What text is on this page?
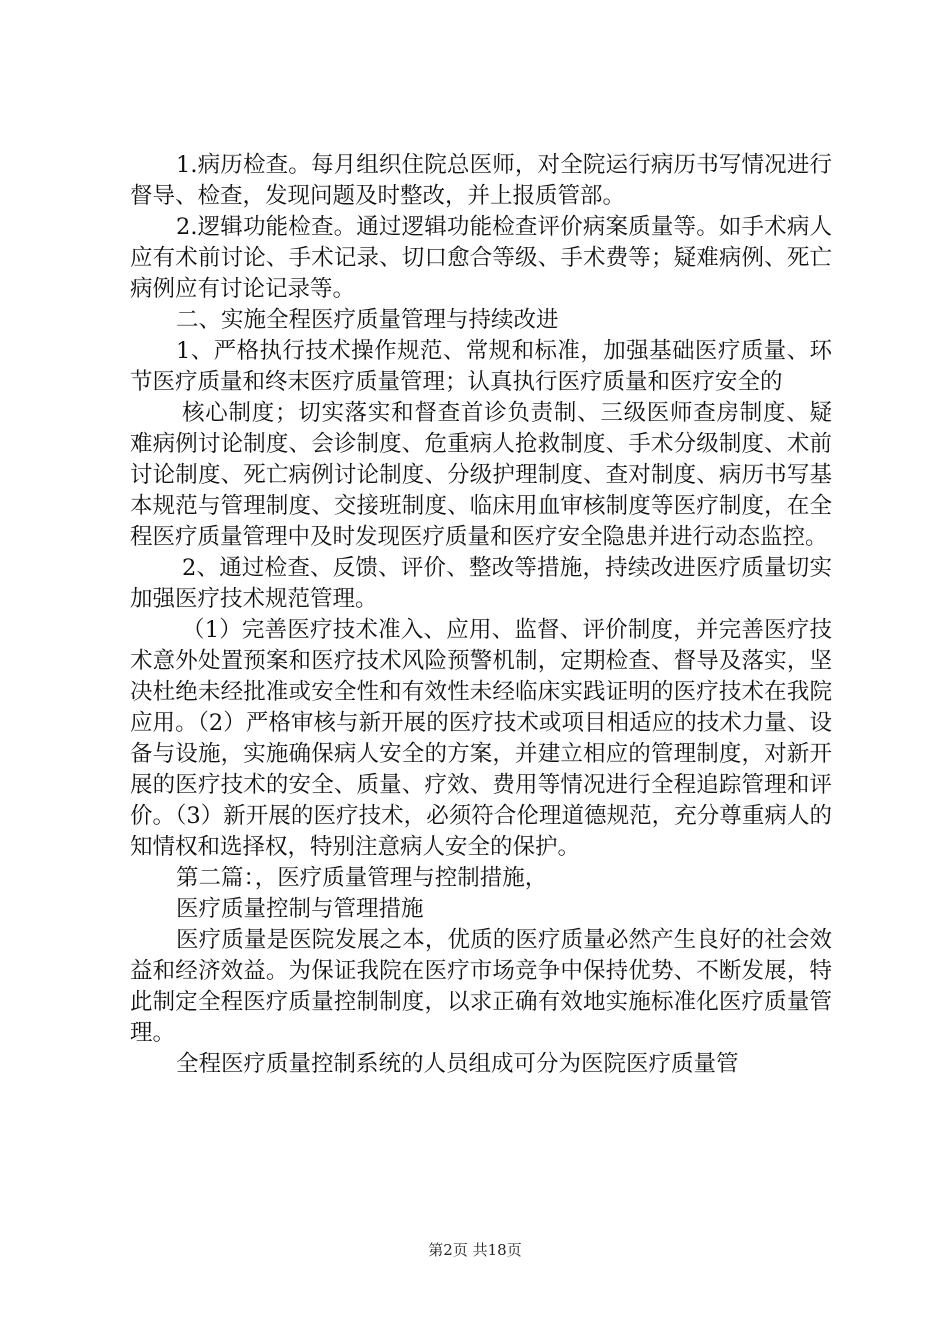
1.病历检查。每月组织住院总医师，对全院运行病历书写情况进行督导、检查，发现问题及时整改，并上报质管部。

2.逻辑功能检查。通过逻辑功能检查评价病案质量等。如手术病人应有术前讨论、手术记录、切口愈合等级、手术费等；疑难病例、死亡病例应有讨论记录等。

二、实施全程医疗质量管理与持续改进

1、严格执行技术操作规范、常规和标准，加强基础医疗质量、环节医疗质量和终末医疗质量管理；认真执行医疗质量和医疗安全的

核心制度；切实落实和督查首诊负责制、三级医师查房制度、疑难病例讨论制度、会诊制度、危重病人抢救制度、手术分级制度、术前讨论制度、死亡病例讨论制度、分级护理制度、查对制度、病历书写基本规范与管理制度、交接班制度、临床用血审核制度等医疗制度，在全程医疗质量管理中及时发现医疗质量和医疗安全隐患并进行动态监控。

2、通过检查、反馈、评价、整改等措施，持续改进医疗质量切实加强医疗技术规范管理。

（1）完善医疗技术准入、应用、监督、评价制度，并完善医疗技术意外处置预案和医疗技术风险预警机制，定期检查、督导及落实，坚决杜绝未经批准或安全性和有效性未经临床实践证明的医疗技术在我院应用。（2）严格审核与新开展的医疗技术或项目相适应的技术力量、设备与设施，实施确保病人安全的方案，并建立相应的管理制度，对新开展的医疗技术的安全、质量、疗效、费用等情况进行全程追踪管理和评价。（3）新开展的医疗技术，必须符合伦理道德规范，充分尊重病人的知情权和选择权，特别注意病人安全的保护。

第二篇：，医疗质量管理与控制措施，

医疗质量控制与管理措施

医疗质量是医院发展之本，优质的医疗质量必然产生良好的社会效益和经济效益。为保证我院在医疗市场竞争中保持优势、不断发展，特此制定全程医疗质量控制制度，以求正确有效地实施标准化医疗质量管理。

全程医疗质量控制系统的人员组成可分为医院医疗质量管

第2页 共18页
